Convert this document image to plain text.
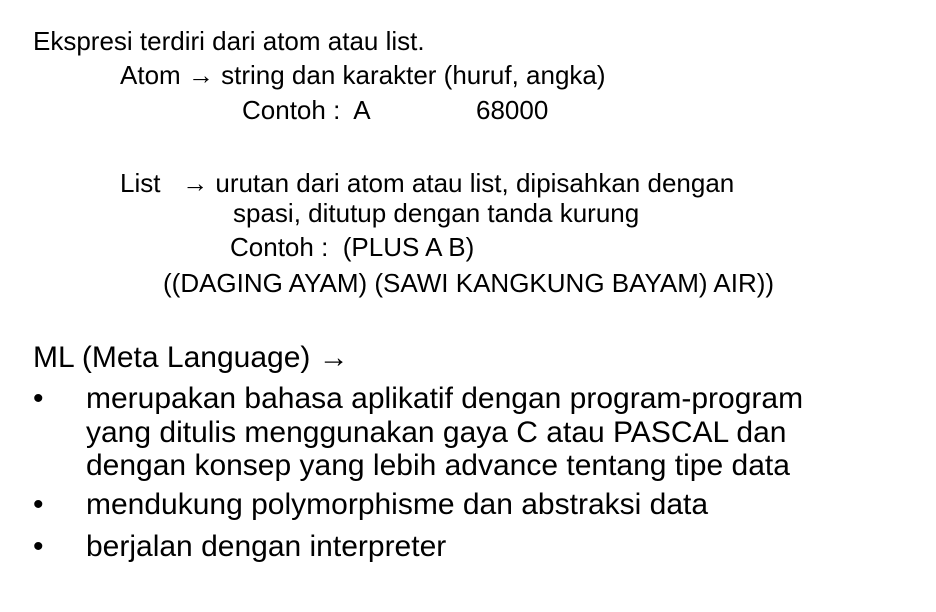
Ekspresi terdiri dari atom atau list.
Atom → string dan karakter (huruf, angka)
Contoh :  A	68000
List   → urutan dari atom atau list, dipisahkan dengan
spasi, ditutup dengan tanda kurung
Contoh :  (PLUS A B)
((DAGING AYAM) (SAWI KANGKUNG BAYAM) AIR))
ML (Meta Language) →
• merupakan bahasa aplikatif dengan program-program
yang ditulis menggunakan gaya C atau PASCAL dan
dengan konsep yang lebih advance tentang tipe data
• mendukung polymorphisme dan abstraksi data
• berjalan dengan interpreter
